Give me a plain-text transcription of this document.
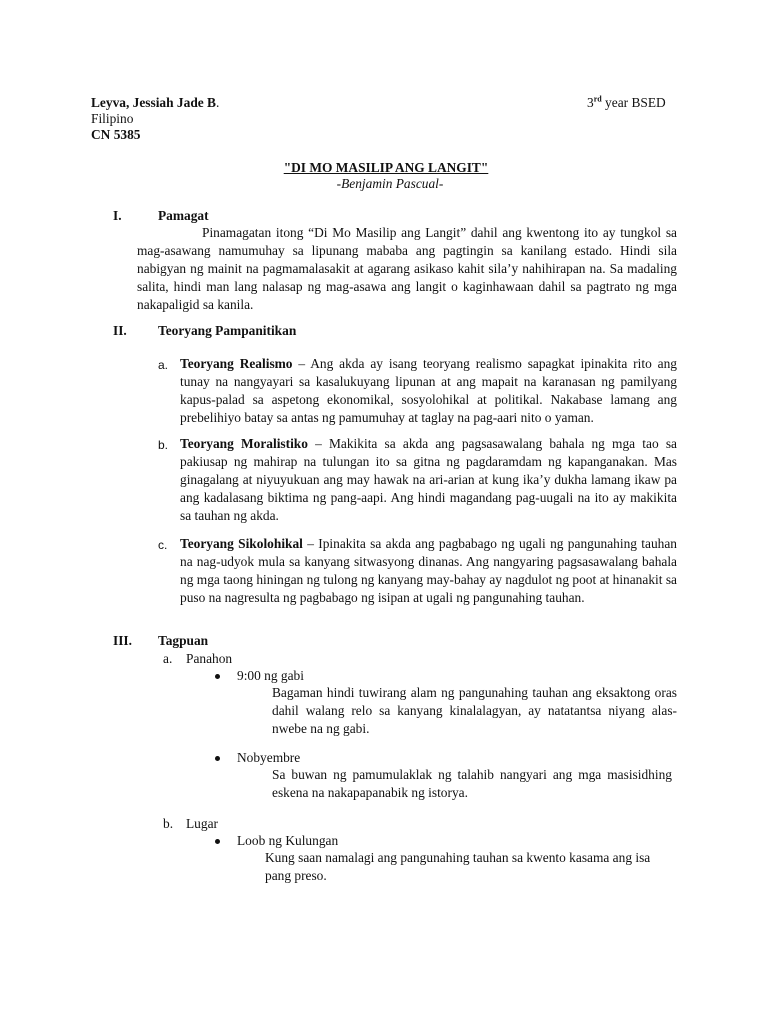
Leyva, Jessiah Jade B.
Filipino
CN 5385
3rd year BSED
"DI MO MASILIP ANG LANGIT"
-Benjamin Pascual-
I.	Pamagat
Pinamagatan itong “Di Mo Masilip ang Langit” dahil ang kwentong ito ay tungkol sa mag-asawang namumuhay sa lipunang mababa ang pagtingin sa kanilang estado. Hindi sila nabigyan ng mainit na pagmamalasakit at agarang asikaso kahit sila’y nahihirapan na. Sa madaling salita, hindi man lang nalasap ng mag-asawa ang langit o kaginhawaan dahil sa pagtrato ng mga nakapaligid sa kanila.
II. Teoryang Pampanitikan
a. Teoryang Realismo – Ang akda ay isang teoryang realismo sapagkat ipinakita rito ang tunay na nangyayari sa kasalukuyang lipunan at ang mapait na karanasan ng pamilyang kapus-palad sa aspetong ekonomikal, sosyolohikal at politikal. Nakabase lamang ang prebelihiyo batay sa antas ng pamumuhay at taglay na pag-aari nito o yaman.
b. Teoryang Moralistiko – Makikita sa akda ang pagsasawalang bahala ng mga tao sa pakiusap ng mahirap na tulungan ito sa gitna ng pagdaramdam ng kapanganakan. Mas ginagalang at niyuyukuan ang may hawak na ari-arian at kung ika’y dukha lamang ikaw pa ang kadalasang biktima ng pang-aapi. Ang hindi magandang pag-uugali na ito ay makikita sa tauhan ng akda.
c. Teoryang Sikolohikal – Ipinakita sa akda ang pagbabago ng ugali ng pangunahing tauhan na nag-udyok mula sa kanyang sitwasyong dinanas. Ang nangyaring pagsasawalang bahala ng mga taong hiningan ng tulong ng kanyang may-bahay ay nagdulot ng poot at hinanakit sa puso na nagresulta ng pagbabago ng isipan at ugali ng pangunahing tauhan.
III. Tagpuan
a. Panahon
9:00 ng gabi
Bagaman hindi tuwirang alam ng pangunahing tauhan ang eksaktong oras dahil walang relo sa kanyang kinalalagyan, ay natatantsa niyang alas-nwebe na ng gabi.
Nobyembre
Sa buwan ng pamumulaklak ng talahib nangyari ang mga masisidhing eskena na nakapapanabik ng istorya.
b. Lugar
Loob ng Kulungan
Kung saan namalagi ang pangunahing tauhan sa kwento kasama ang isa pang preso.
